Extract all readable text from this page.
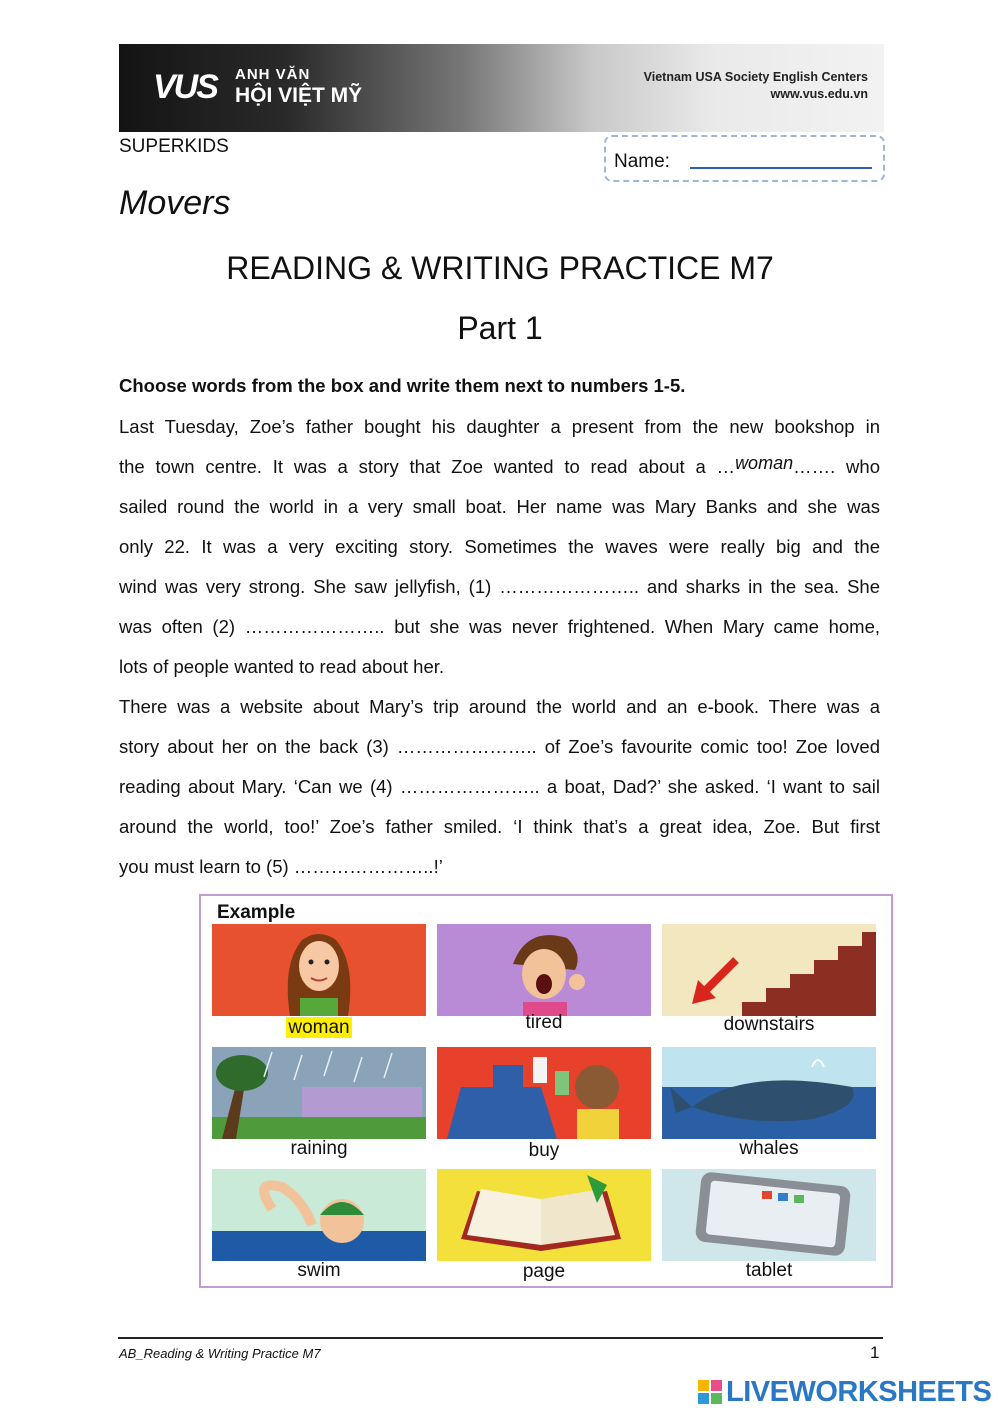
VUS ANH VĂN
HỘI VIỆT MỸ
Vietnam USA Society English Centers
www.vus.edu.vn
SUPERKIDS
Name:
Movers
READING & WRITING PRACTICE M7
Part 1
Choose words from the box and write them next to numbers 1-5.
Last Tuesday, Zoe’s father bought his daughter a present from the new bookshop in
the town centre. It was a story that Zoe wanted to read about a …woman……. who
sailed round the world in a very small boat. Her name was Mary Banks and she was
only 22. It was a very exciting story. Sometimes the waves were really big and the
wind was very strong. She saw jellyfish, (1) ………………….. and sharks in the sea. She
was often (2) ………………….. but she was never frightened. When Mary came home,
lots of people wanted to read about her.
There was a website about Mary’s trip around the world and an e-book. There was a
story about her on the back (3) ………………….. of Zoe’s favourite comic too! Zoe loved
reading about Mary. ‘Can we (4) ………………….. a boat, Dad?’ she asked. ‘I want to sail
around the world, too!’ Zoe’s father smiled. ‘I think that’s a great idea, Zoe. But first
you must learn to (5) …………………..!’
Example
woman	tired	downstairs
raining	buy	whales
swim	page	tablet
AB_Reading & Writing Practice M7	1
LIVEWORKSHEETS
